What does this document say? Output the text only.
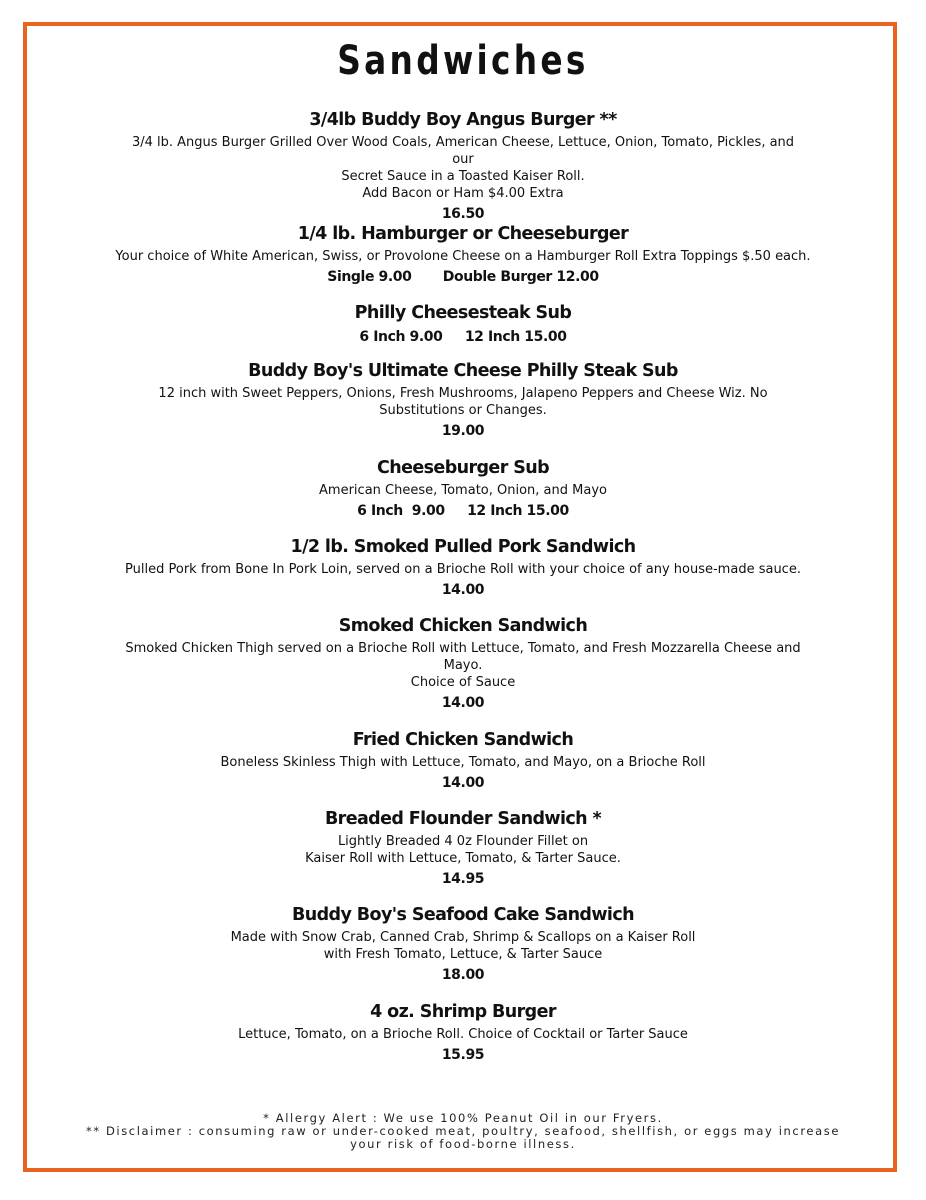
Sandwiches
3/4lb Buddy Boy Angus Burger **
3/4 lb. Angus Burger Grilled Over Wood Coals, American Cheese, Lettuce, Onion, Tomato, Pickles, and our
Secret Sauce in a Toasted Kaiser Roll.
Add Bacon or Ham $4.00 Extra
16.50
1/4 lb. Hamburger or Cheeseburger
Your choice of White American, Swiss, or Provolone Cheese on a Hamburger Roll Extra Toppings $.50 each.
Single 9.00       Double Burger 12.00
Philly Cheesesteak Sub
6 Inch 9.00     12 Inch 15.00
Buddy Boy's Ultimate Cheese Philly Steak Sub
12 inch with Sweet Peppers, Onions, Fresh Mushrooms, Jalapeno Peppers and Cheese Wiz. No
Substitutions or Changes.
19.00
Cheeseburger Sub
American Cheese, Tomato, Onion, and Mayo
6 Inch  9.00     12 Inch 15.00
1/2 lb. Smoked Pulled Pork Sandwich
Pulled Pork from Bone In Pork Loin, served on a Brioche Roll with your choice of any house-made sauce.
14.00
Smoked Chicken Sandwich
Smoked Chicken Thigh served on a Brioche Roll with Lettuce, Tomato, and Fresh Mozzarella Cheese and
Mayo.
Choice of Sauce
14.00
Fried Chicken Sandwich
Boneless Skinless Thigh with Lettuce, Tomato, and Mayo, on a Brioche Roll
14.00
Breaded Flounder Sandwich *
Lightly Breaded 4 0z Flounder Fillet on
Kaiser Roll with Lettuce, Tomato, & Tarter Sauce.
14.95
Buddy Boy's Seafood Cake Sandwich
Made with Snow Crab, Canned Crab, Shrimp & Scallops on a Kaiser Roll
with Fresh Tomato, Lettuce, & Tarter Sauce
18.00
4 oz. Shrimp Burger
Lettuce, Tomato, on a Brioche Roll. Choice of Cocktail or Tarter Sauce
15.95
* Allergy Alert : We use 100% Peanut Oil in our Fryers.
** Disclaimer : consuming raw or under-cooked meat, poultry, seafood, shellfish, or eggs may increase your risk of food-borne illness.
